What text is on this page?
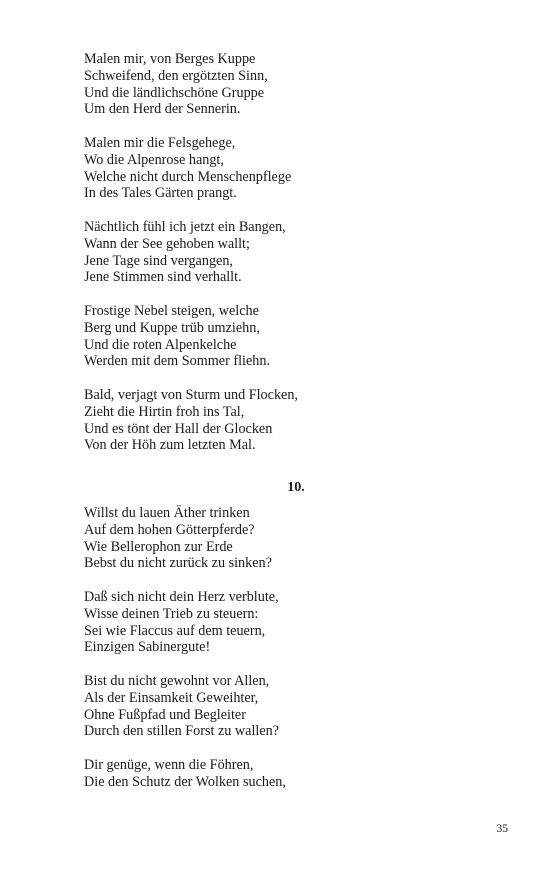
Malen mir, von Berges Kuppe
Schweifend, den ergötzten Sinn,
Und die ländlichschöne Gruppe
Um den Herd der Sennerin.
Malen mir die Felsgehege,
Wo die Alpenrose hangt,
Welche nicht durch Menschenpflege
In des Tales Gärten prangt.
Nächtlich fühl ich jetzt ein Bangen,
Wann der See gehoben wallt;
Jene Tage sind vergangen,
Jene Stimmen sind verhallt.
Frostige Nebel steigen, welche
Berg und Kuppe trüb umziehn,
Und die roten Alpenkelche
Werden mit dem Sommer fliehn.
Bald, verjagt von Sturm und Flocken,
Zieht die Hirtin froh ins Tal,
Und es tönt der Hall der Glocken
Von der Höh zum letzten Mal.
10.
Willst du lauen Äther trinken
Auf dem hohen Götterpferde?
Wie Bellerophon zur Erde
Bebst du nicht zurück zu sinken?
Daß sich nicht dein Herz verblute,
Wisse deinen Trieb zu steuern:
Sei wie Flaccus auf dem teuern,
Einzigen Sabinergute!
Bist du nicht gewohnt vor Allen,
Als der Einsamkeit Geweihter,
Ohne Fußpfad und Begleiter
Durch den stillen Forst zu wallen?
Dir genüge, wenn die Föhren,
Die den Schutz der Wolken suchen,
35
